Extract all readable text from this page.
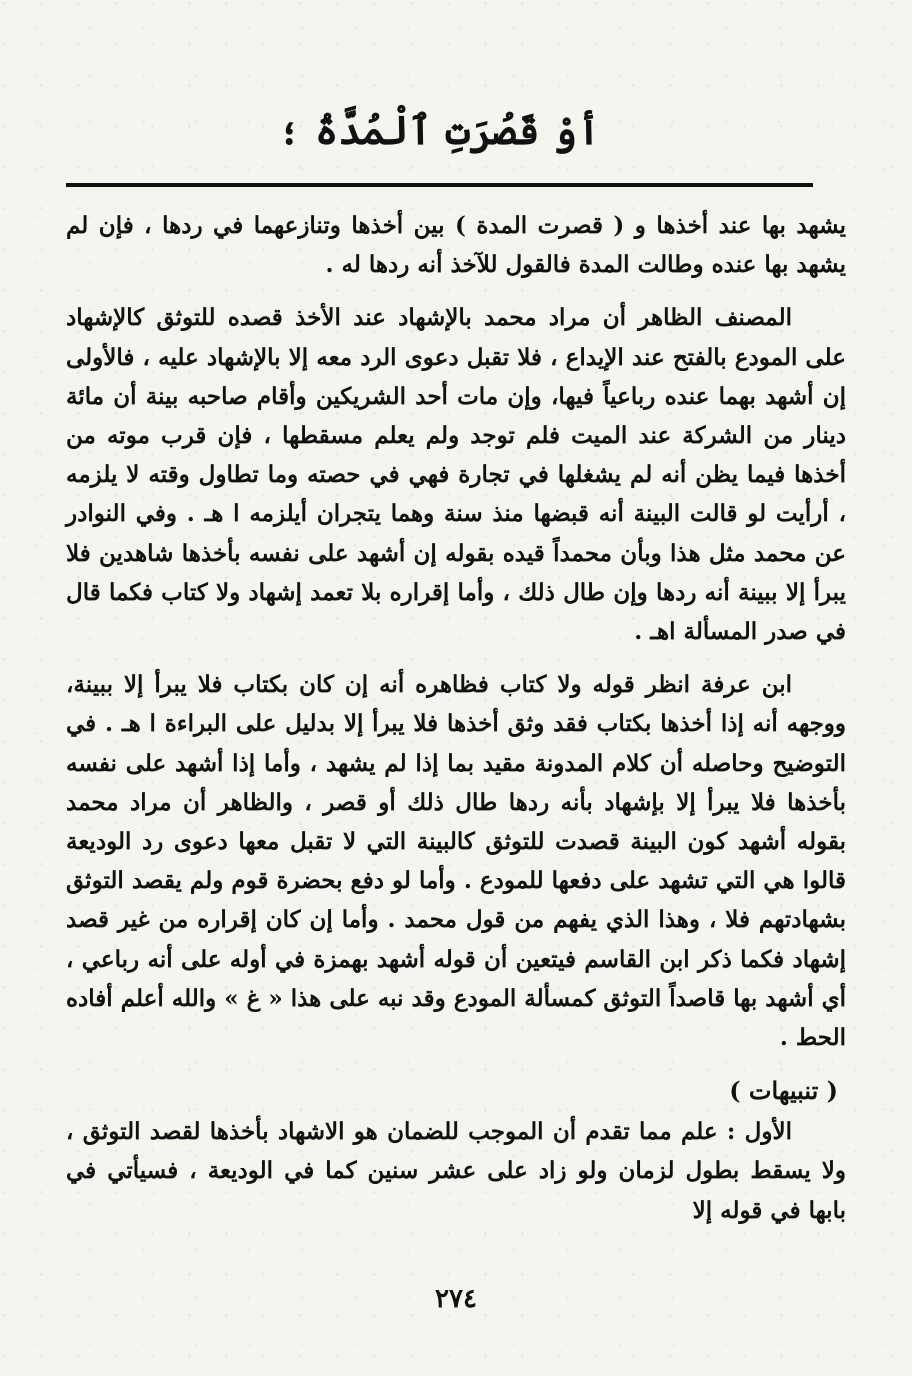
أوْ قَصُرَتِ ٱلْمُدَّةُ ؛

يشهد بها عند أخذها و ( قصرت المدة ) بين أخذها وتنازعهما في ردها ، فإن لم يشهد بها عنده وطالت المدة فالقول للآخذ أنه ردها له .

المصنف الظاهر أن مراد محمد بالإشهاد عند الأخذ قصده للتوثق كالإشهاد على المودع بالفتح عند الإيداع ، فلا تقبل دعوى الرد معه إلا بالإشهاد عليه ، فالأولى إن أشهد بهما عنده رباعياً فيها، وإن مات أحد الشريكين وأقام صاحبه بينة أن مائة دينار من الشركة عند الميت فلم توجد ولم يعلم مسقطها ، فإن قرب موته من أخذها فيما يظن أنه لم يشغلها في تجارة فهي في حصته وما تطاول وقته لا يلزمه ، أرأيت لو قالت البينة أنه قبضها منذ سنة وهما يتجران أيلزمه ا هـ . وفي النوادر عن محمد مثل هذا وبأن محمداً قيده بقوله إن أشهد على نفسه بأخذها شاهدين فلا يبرأ إلا ببينة أنه ردها وإن طال ذلك ، وأما إقراره بلا تعمد إشهاد ولا كتاب فكما قال في صدر المسألة اهـ .

ابن عرفة انظر قوله ولا كتاب فظاهره أنه إن كان بكتاب فلا يبرأ إلا ببينة، ووجهه أنه إذا أخذها بكتاب فقد وثق أخذها فلا يبرأ إلا بدليل على البراءة ا هـ . في التوضيح وحاصله أن كلام المدونة مقيد بما إذا لم يشهد ، وأما إذا أشهد على نفسه بأخذها فلا يبرأ إلا بإشهاد بأنه ردها طال ذلك أو قصر ، والظاهر أن مراد محمد بقوله أشهد كون البينة قصدت للتوثق كالبينة التي لا تقبل معها دعوى رد الوديعة قالوا هي التي تشهد على دفعها للمودع . وأما لو دفع بحضرة قوم ولم يقصد التوثق بشهادتهم فلا ، وهذا الذي يفهم من قول محمد . وأما إن كان إقراره من غير قصد إشهاد فكما ذكر ابن القاسم فيتعين أن قوله أشهد بهمزة في أوله على أنه رباعي ، أي أشهد بها قاصداً التوثق كمسألة المودع وقد نبه على هذا « غ » والله أعلم أفاده الحط .

( تنبيهات )

الأول : علم مما تقدم أن الموجب للضمان هو الاشهاد بأخذها لقصد التوثق ، ولا يسقط بطول لزمان ولو زاد على عشر سنين كما في الوديعة ، فسيأتي في بابها في قوله إلا

٢٧٤
